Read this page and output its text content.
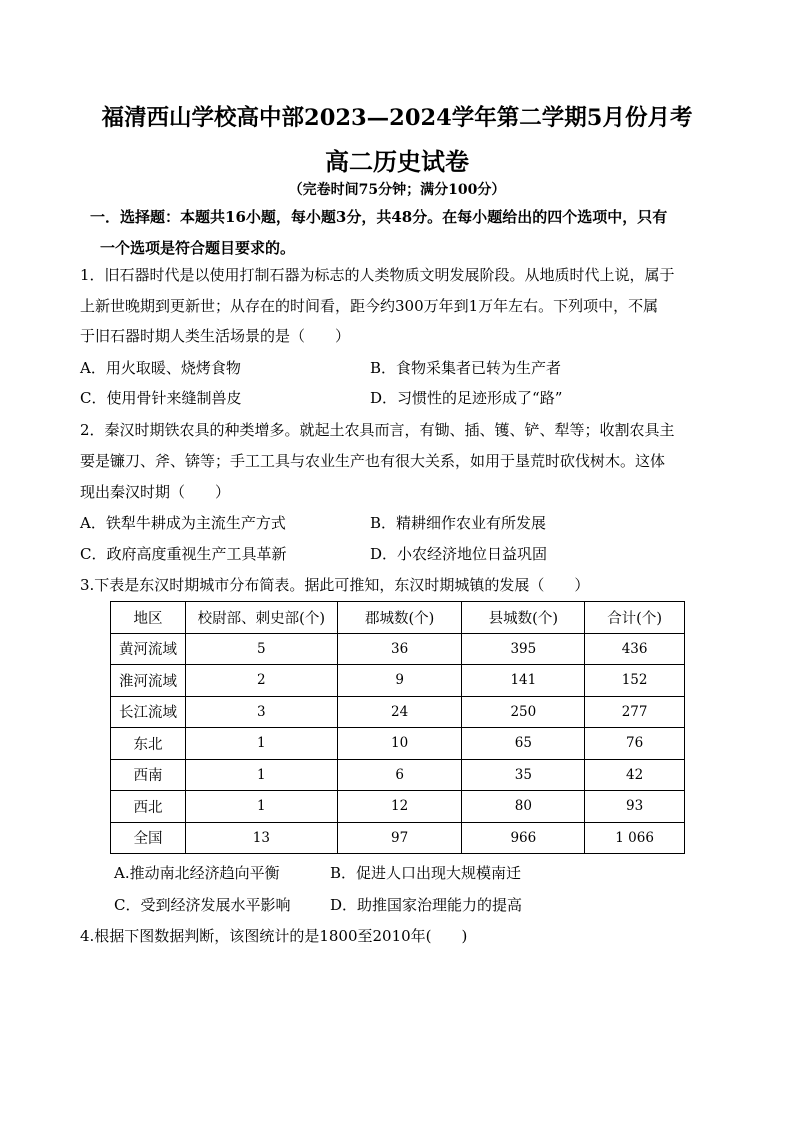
福清西山学校高中部2023—2024学年第二学期5月份月考
高二历史试卷
（完卷时间75分钟；满分100分）
一．选择题：本题共16小题，每小题3分，共48分。在每小题给出的四个选项中，只有
一个选项是符合题目要求的。
1．旧石器时代是以使用打制石器为标志的人类物质文明发展阶段。从地质时代上说，属于
上新世晚期到更新世；从存在的时间看，距今约300万年到1万年左右。下列项中，不属
于旧石器时期人类生活场景的是（　　）
A．用火取暖、烧烤食物	B．食物采集者已转为生产者
C．使用骨针来缝制兽皮	D．习惯性的足迹形成了“路”
2．秦汉时期铁农具的种类增多。就起土农具而言，有锄、插、镬、铲、犁等；收割农具主
要是镰刀、斧、锛等；手工工具与农业生产也有很大关系，如用于垦荒时砍伐树木。这体
现出秦汉时期（　　）
A．铁犁牛耕成为主流生产方式	B．精耕细作农业有所发展
C．政府高度重视生产工具革新	D．小农经济地位日益巩固
3.下表是东汉时期城市分布简表。据此可推知，东汉时期城镇的发展（　　）
地区	校尉部、刺史部(个)	郡城数(个)	县城数(个)	合计(个)
黄河流域	5	36	395	436
淮河流域	2	9	141	152
长江流域	3	24	250	277
东北	1	10	65	76
西南	1	6	35	42
西北	1	12	80	93
全国	13	97	966	1 066
A.推动南北经济趋向平衡	B．促进人口出现大规模南迁
C．受到经济发展水平影响	D．助推国家治理能力的提高
4.根据下图数据判断，该图统计的是1800至2010年(　　)
